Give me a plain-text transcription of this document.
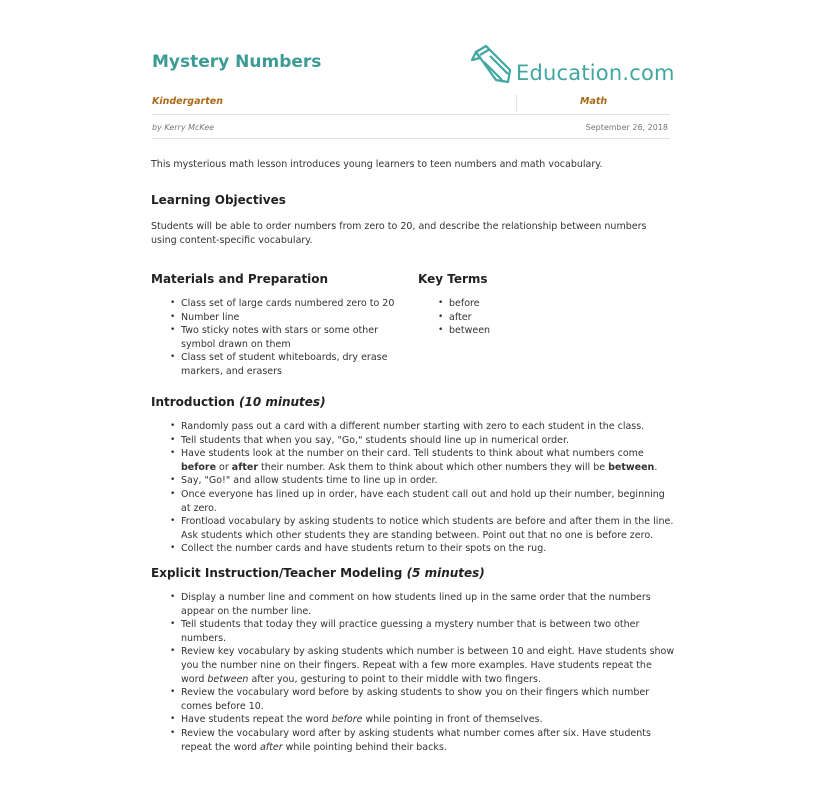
Mystery Numbers	Education.com
Kindergarten	Math
by Kerry McKee	September 26, 2018

This mysterious math lesson introduces young learners to teen numbers and math vocabulary.

Learning Objectives

Students will be able to order numbers from zero to 20, and describe the relationship between numbers using content-specific vocabulary.

Materials and Preparation
• Class set of large cards numbered zero to 20
• Number line
• Two sticky notes with stars or some other symbol drawn on them
• Class set of student whiteboards, dry erase markers, and erasers
Key Terms
• before
• after
• between
Introduction (10 minutes)
• Randomly pass out a card with a different number starting with zero to each student in the class.
• Tell students that when you say, "Go," students should line up in numerical order.
• Have students look at the number on their card. Tell students to think about what numbers come before or after their number. Ask them to think about which other numbers they will be between.
• Say, "Go!" and allow students time to line up in order.
• Once everyone has lined up in order, have each student call out and hold up their number, beginning at zero.
• Frontload vocabulary by asking students to notice which students are before and after them in the line. Ask students which other students they are standing between. Point out that no one is before zero.
• Collect the number cards and have students return to their spots on the rug.
Explicit Instruction/Teacher Modeling (5 minutes)
• Display a number line and comment on how students lined up in the same order that the numbers appear on the number line.
• Tell students that today they will practice guessing a mystery number that is between two other numbers.
• Review key vocabulary by asking students which number is between 10 and eight. Have students show you the number nine on their fingers. Repeat with a few more examples. Have students repeat the word between after you, gesturing to point to their middle with two fingers.
• Review the vocabulary word before by asking students to show you on their fingers which number comes before 10.
• Have students repeat the word before while pointing in front of themselves.
• Review the vocabulary word after by asking students what number comes after six. Have students repeat the word after while pointing behind their backs.
